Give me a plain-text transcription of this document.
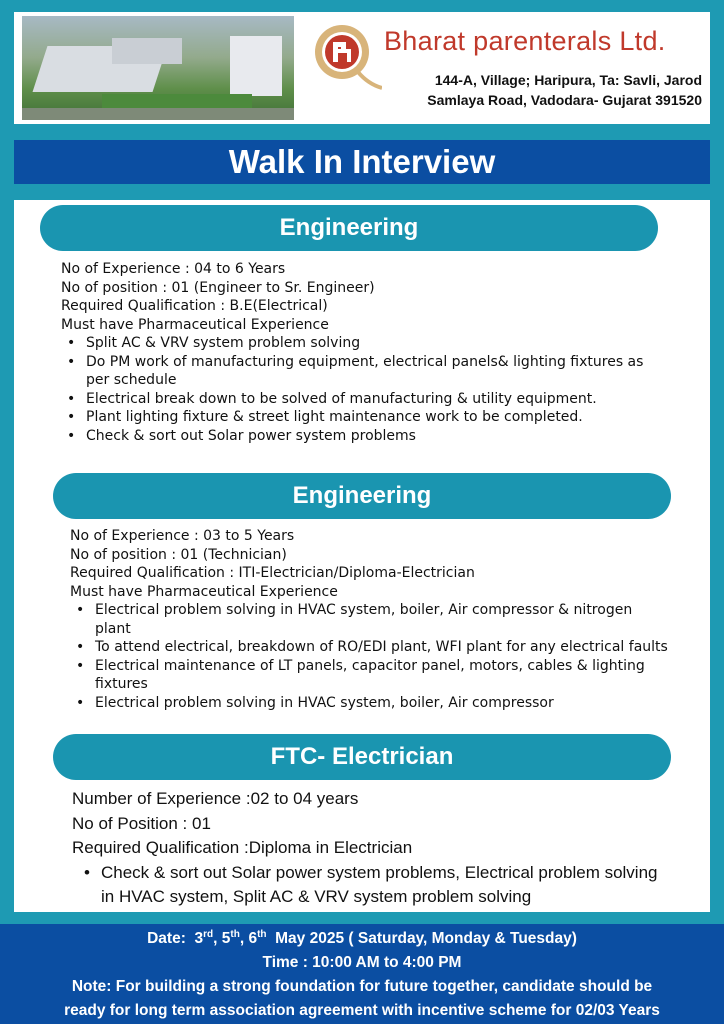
Bharat parenterals Ltd.
144-A, Village; Haripura, Ta: Savli, Jarod
Samlaya Road, Vadodara- Gujarat 391520
Walk In Interview
Engineering

No of Experience : 04 to 6 Years

No of position : 01 (Engineer to Sr. Engineer)

Required Qualification : B.E(Electrical)

Must have Pharmaceutical Experience

• Split AC & VRV system problem solving
• Do PM work of manufacturing equipment, electrical panels& lighting fixtures as per schedule
• Electrical break down to be solved of manufacturing & utility equipment.
• Plant lighting fixture & street light maintenance work to be completed.
• Check & sort out Solar power system problems
Engineering

No of Experience : 03 to 5 Years

No of position : 01 (Technician)

Required Qualification : ITI-Electrician/Diploma-Electrician

Must have Pharmaceutical Experience

• Electrical problem solving in HVAC system, boiler, Air compressor & nitrogen plant
• To attend electrical, breakdown of RO/EDI plant, WFI plant for any electrical faults
• Electrical maintenance of LT panels, capacitor panel, motors, cables & lighting fixtures
• Electrical problem solving in HVAC system, boiler, Air compressor
FTC- Electrician

Number of Experience :02 to 04 years

No of Position : 01

Required Qualification :Diploma in Electrician

• Check & sort out Solar power system problems, Electrical problem solving in HVAC system, Split AC & VRV system problem solving
Date: 3rd, 5th, 6th May 2025 ( Saturday, Monday & Tuesday)
Time : 10:00 AM to 4:00 PM
Note: For building a strong foundation for future together, candidate should be
ready for long term association agreement with incentive scheme for 02/03 Years
